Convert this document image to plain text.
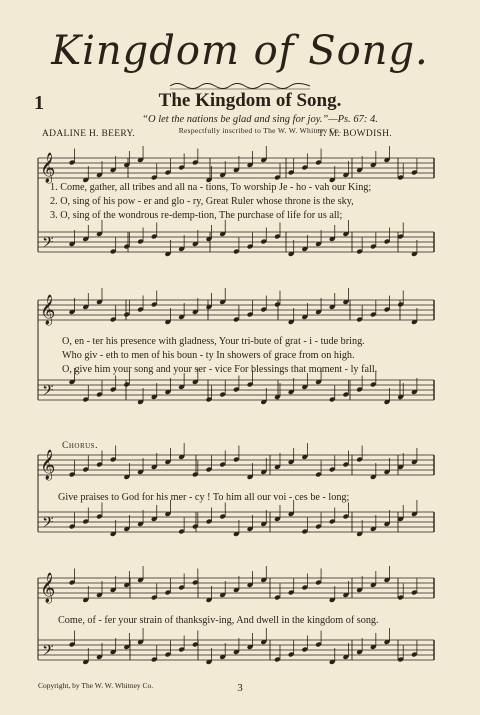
Kingdom of Song.
1	The Kingdom of Song.
“O let the nations be glad and sing for joy.”—Ps. 67: 4.
Respectfully inscribed to The W. W. Whitney Co.
ADALINE H. BEERY.	T. M. BOWDISH.
𝄞
𝄢
𝄞
𝄢
𝄞
𝄢
𝄞
𝄢
1. Come, gather, all tribes and all na - tions, To worship Je - ho - vah our King;
2. O, sing of his pow - er and glo - ry, Great Ruler whose throne is the sky,
3. O, sing of the wondrous re-demp-tion, The purchase of life for us all;
O, en - ter his presence with gladness, Your tri-bute of grat - i - tude bring.
Who giv - eth to men of his boun - ty In showers of grace from on high.
O, give him your song and your ser - vice For blessings that moment - ly fall.
Chorus.
Give praises to God for his mer - cy ! To him all our voi - ces be - long;
Come, of - fer your strain of thanksgiv-ing, And dwell in the kingdom of song.
Copyright, by The W. W. Whitney Co.	3
